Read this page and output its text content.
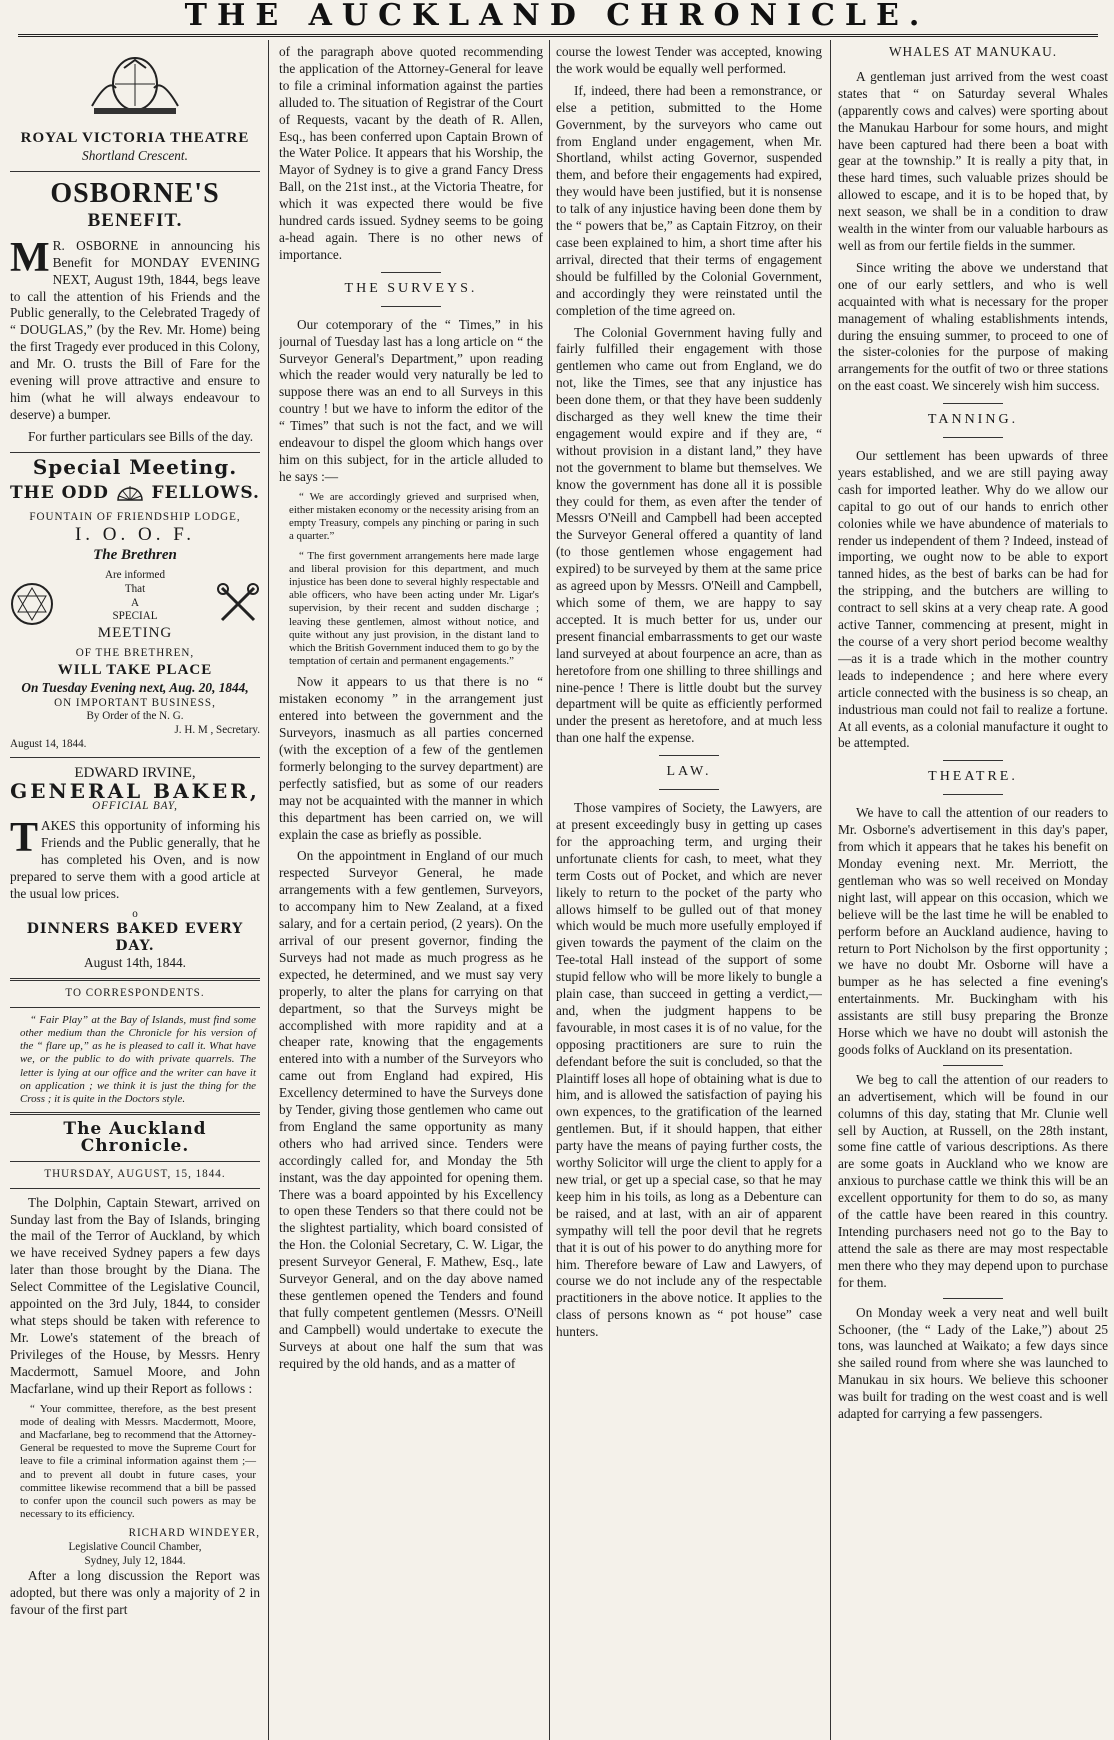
THE AUCKLAND CHRONICLE.
ROYAL VICTORIA THEATRE
Shortland Crescent.
OSBORNE'S
BENEFIT.

M R. OSBORNE in announcing his Benefit for MONDAY EVENING NEXT, August 19th, 1844, begs leave to call the attention of his Friends and the Public generally, to the Celebrated Tragedy of “ DOUGLAS,” (by the Rev. Mr. Home) being the first Tragedy ever produced in this Colony, and Mr. O. trusts the Bill of Fare for the evening will prove attractive and ensure to him (what he will always endeavour to deserve) a bumper.

For further particulars see Bills of the day.

Special Meeting.
THE ODD	FELLOWS.
FOUNTAIN OF FRIENDSHIP LODGE,
I. O. O. F.
The Brethren
Are informed
That
A
SPECIAL
MEETING
OF THE BRETHREN,
WILL TAKE PLACE
On Tuesday Evening next, Aug. 20, 1844,
ON IMPORTANT BUSINESS,
By Order of the N. G.
J. H. M , Secretary.
August 14, 1844.
EDWARD IRVINE,
GENERAL BAKER,
OFFICIAL BAY,

TAKES this opportunity of informing his Friends and the Public generally, that he has completed his Oven, and is now prepared to serve them with a good article at the usual low prices.

o
DINNERS BAKED EVERY DAY.
August 14th, 1844.
TO CORRESPONDENTS.

“ Fair Play” at the Bay of Islands, must find some other medium than the Chronicle for his version of the “ flare up,” as he is pleased to call it. What have we, or the public to do with private quarrels. The letter is lying at our office and the writer can have it on application ; we think it is just the thing for the Cross ; it is quite in the Doctors style.

The Auckland Chronicle.
THURSDAY, AUGUST, 15, 1844.

The Dolphin, Captain Stewart, arrived on Sunday last from the Bay of Islands, bringing the mail of the Terror of Auckland, by which we have received Sydney papers a few days later than those brought by the Diana. The Select Committee of the Legislative Council, appointed on the 3rd July, 1844, to consider what steps should be taken with reference to Mr. Lowe's statement of the breach of Privileges of the House, by Messrs. Henry Macdermott, Samuel Moore, and John Macfarlane, wind up their Report as follows :

“ Your committee, therefore, as the best present mode of dealing with Messrs. Macdermott, Moore, and Macfarlane, beg to recommend that the Attorney-General be requested to move the Supreme Court for leave to file a criminal information against them ;—and to prevent all doubt in future cases, your committee likewise recommend that a bill be passed to confer upon the council such powers as may be necessary to its efficiency.

RICHARD WINDEYER,
Legislative Council Chamber,
Sydney, July 12, 1844.

After a long discussion the Report was adopted, but there was only a majority of 2 in favour of the first part

of the paragraph above quoted recommending the application of the Attorney-General for leave to file a criminal information against the parties alluded to. The situation of Registrar of the Court of Requests, vacant by the death of R. Allen, Esq., has been conferred upon Captain Brown of the Water Police. It appears that his Worship, the Mayor of Sydney is to give a grand Fancy Dress Ball, on the 21st inst., at the Victoria Theatre, for which it was expected there would be five hundred cards issued. Sydney seems to be going a-head again. There is no other news of importance.

THE SURVEYS.

Our cotemporary of the “ Times,” in his journal of Tuesday last has a long article on “ the Surveyor General's Department,” upon reading which the reader would very naturally be led to suppose there was an end to all Surveys in this country ! but we have to inform the editor of the “ Times” that such is not the fact, and we will endeavour to dispel the gloom which hangs over him on this subject, for in the article alluded to he says :—

“ We are accordingly grieved and surprised when, either mistaken economy or the necessity arising from an empty Treasury, compels any pinching or paring in such a quarter.”

“ The first government arrangements here made large and liberal provision for this department, and much injustice has been done to several highly respectable and able officers, who have been acting under Mr. Ligar's supervision, by their recent and sudden discharge ; leaving these gentlemen, almost without notice, and quite without any just provision, in the distant land to which the British Government induced them to go by the temptation of certain and permanent engagements.”

Now it appears to us that there is no “ mistaken economy ” in the arrangement just entered into between the government and the Surveyors, inasmuch as all parties concerned (with the exception of a few of the gentlemen formerly belonging to the survey department) are perfectly satisfied, but as some of our readers may not be acquainted with the manner in which this department has been carried on, we will explain the case as briefly as possible.

On the appointment in England of our much respected Surveyor General, he made arrangements with a few gentlemen, Surveyors, to accompany him to New Zealand, at a fixed salary, and for a certain period, (2 years). On the arrival of our present governor, finding the Surveys had not made as much progress as he expected, he determined, and we must say very properly, to alter the plans for carrying on that department, so that the Surveys might be accomplished with more rapidity and at a cheaper rate, knowing that the engagements entered into with a number of the Surveyors who came out from England had expired, His Excellency determined to have the Surveys done by Tender, giving those gentlemen who came out from England the same opportunity as many others who had arrived since. Tenders were accordingly called for, and Monday the 5th instant, was the day appointed for opening them. There was a board appointed by his Excellency to open these Tenders so that there could not be the slightest partiality, which board consisted of the Hon. the Colonial Secretary, C. W. Ligar, the present Surveyor General, F. Mathew, Esq., late Surveyor General, and on the day above named these gentlemen opened the Tenders and found that fully competent gentlemen (Messrs. O'Neill and Campbell) would undertake to execute the Surveys at about one half the sum that was required by the old hands, and as a matter of

course the lowest Tender was accepted, knowing the work would be equally well performed.

If, indeed, there had been a remonstrance, or else a petition, submitted to the Home Government, by the surveyors who came out from England under engagement, when Mr. Shortland, whilst acting Governor, suspended them, and before their engagements had expired, they would have been justified, but it is nonsense to talk of any injustice having been done them by the “ powers that be,” as Captain Fitzroy, on their case been explained to him, a short time after his arrival, directed that their terms of engagement should be fulfilled by the Colonial Government, and accordingly they were reinstated until the completion of the time agreed on.

The Colonial Government having fully and fairly fulfilled their engagement with those gentlemen who came out from England, we do not, like the Times, see that any injustice has been done them, or that they have been suddenly discharged as they well knew the time their engagement would expire and if they are, “ without provision in a distant land,” they have not the government to blame but themselves. We know the government has done all it is possible they could for them, as even after the tender of Messrs O'Neill and Campbell had been accepted the Surveyor General offered a quantity of land (to those gentlemen whose engagement had expired) to be surveyed by them at the same price as agreed upon by Messrs. O'Neill and Campbell, which some of them, we are happy to say accepted. It is much better for us, under our present financial embarrassments to get our waste land surveyed at about fourpence an acre, than as heretofore from one shilling to three shillings and nine-pence ! There is little doubt but the survey department will be quite as efficiently performed under the present as heretofore, and at much less than one half the expense.

LAW.

Those vampires of Society, the Lawyers, are at present exceedingly busy in getting up cases for the approaching term, and urging their unfortunate clients for cash, to meet, what they term Costs out of Pocket, and which are never likely to return to the pocket of the party who allows himself to be gulled out of that money which would be much more usefully employed if given towards the payment of the claim on the Tee-total Hall instead of the support of some stupid fellow who will be more likely to bungle a plain case, than succeed in getting a verdict,—and, when the judgment happens to be favourable, in most cases it is of no value, for the opposing practitioners are sure to ruin the defendant before the suit is concluded, so that the Plaintiff loses all hope of obtaining what is due to him, and is allowed the satisfaction of paying his own expences, to the gratification of the learned gentlemen. But, if it should happen, that either party have the means of paying further costs, the worthy Solicitor will urge the client to apply for a new trial, or get up a special case, so that he may keep him in his toils, as long as a Debenture can be raised, and at last, with an air of apparent sympathy will tell the poor devil that he regrets that it is out of his power to do anything more for him. Therefore beware of Law and Lawyers, of course we do not include any of the respectable practitioners in the above notice. It applies to the class of persons known as “ pot house” case hunters.

WHALES AT MANUKAU.

A gentleman just arrived from the west coast states that “ on Saturday several Whales (apparently cows and calves) were sporting about the Manukau Harbour for some hours, and might have been captured had there been a boat with gear at the township.” It is really a pity that, in these hard times, such valuable prizes should be allowed to escape, and it is to be hoped that, by next season, we shall be in a condition to draw wealth in the winter from our valuable harbours as well as from our fertile fields in the summer.

Since writing the above we understand that one of our early settlers, and who is well acquainted with what is necessary for the proper management of whaling establishments intends, during the ensuing summer, to proceed to one of the sister-colonies for the purpose of making arrangements for the outfit of two or three stations on the east coast. We sincerely wish him success.

TANNING.

Our settlement has been upwards of three years established, and we are still paying away cash for imported leather. Why do we allow our capital to go out of our hands to enrich other colonies while we have abundence of materials to render us independent of them ? Indeed, instead of importing, we ought now to be able to export tanned hides, as the best of barks can be had for the stripping, and the butchers are willing to contract to sell skins at a very cheap rate. A good active Tanner, commencing at present, might in the course of a very short period become wealthy—as it is a trade which in the mother country leads to independence ; and here where every article connected with the business is so cheap, an industrious man could not fail to realize a fortune. At all events, as a colonial manufacture it ought to be attempted.

THEATRE.

We have to call the attention of our readers to Mr. Osborne's advertisement in this day's paper, from which it appears that he takes his benefit on Monday evening next. Mr. Merriott, the gentleman who was so well received on Monday night last, will appear on this occasion, which we believe will be the last time he will be enabled to perform before an Auckland audience, having to return to Port Nicholson by the first opportunity ; we have no doubt Mr. Osborne will have a bumper as he has selected a fine evening's entertainments. Mr. Buckingham with his assistants are still busy preparing the Bronze Horse which we have no doubt will astonish the goods folks of Auckland on its presentation.

We beg to call the attention of our readers to an advertisement, which will be found in our columns of this day, stating that Mr. Clunie well sell by Auction, at Russell, on the 28th instant, some fine cattle of various descriptions. As there are some goats in Auckland who we know are anxious to purchase cattle we think this will be an excellent opportunity for them to do so, as many of the cattle have been reared in this country. Intending purchasers need not go to the Bay to attend the sale as there are may most respectable men there who they may depend upon to purchase for them.

On Monday week a very neat and well built Schooner, (the “ Lady of the Lake,”) about 25 tons, was launched at Waikato; a few days since she sailed round from where she was launched to Manukau in six hours. We believe this schooner was built for trading on the west coast and is well adapted for carrying a few passengers.
